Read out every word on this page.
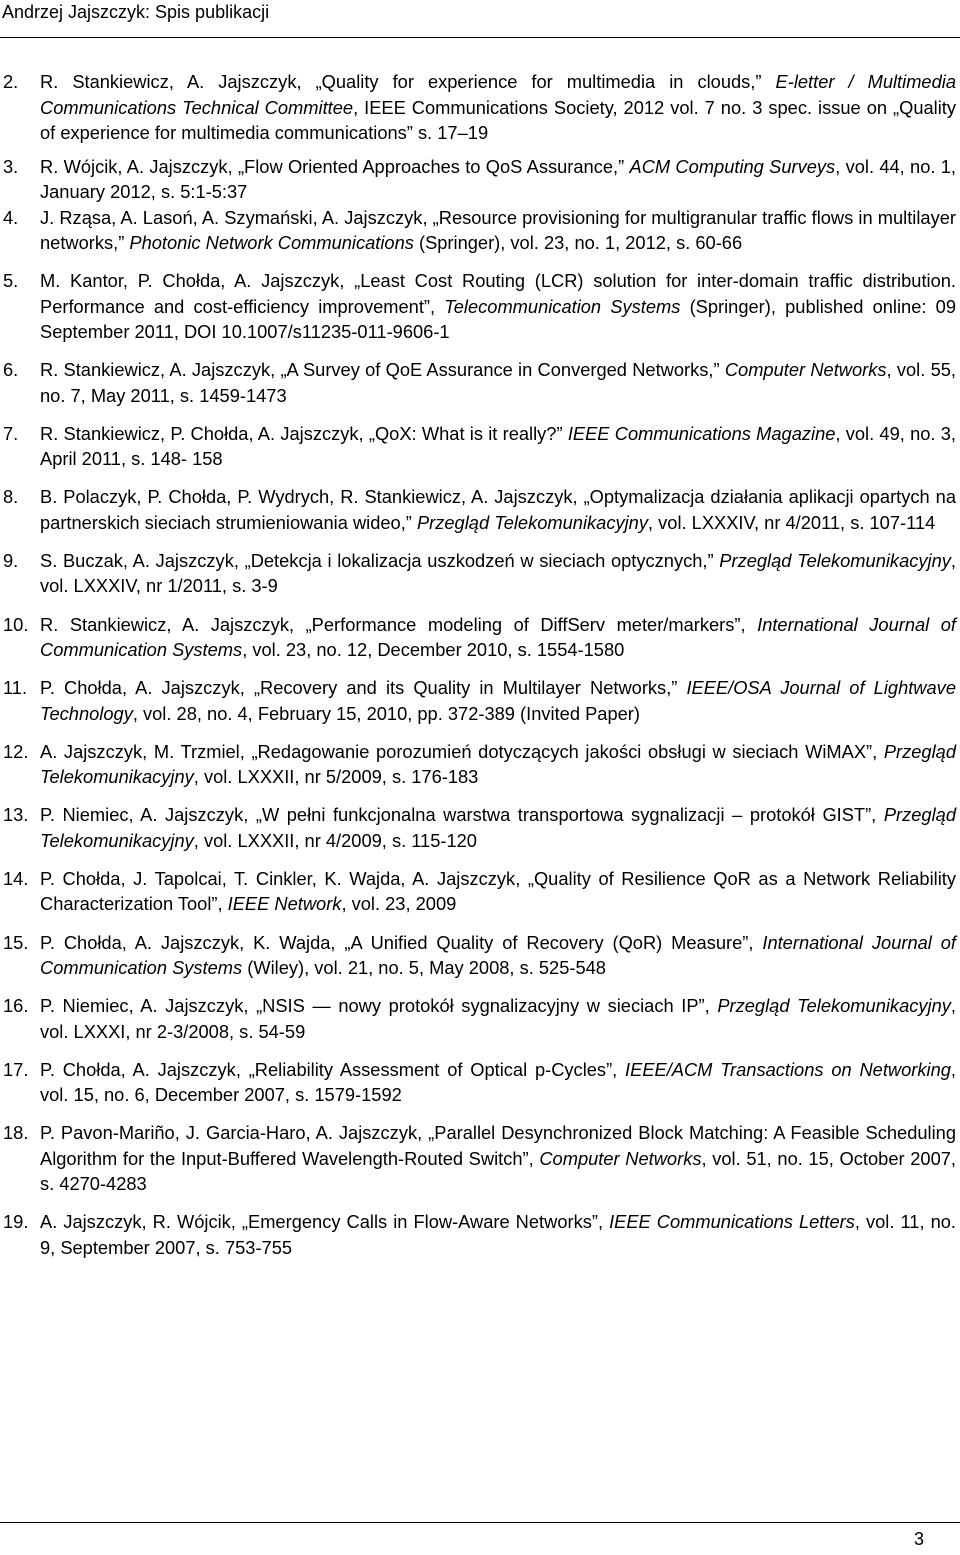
Andrzej Jajszczyk: Spis publikacji
2.	R. Stankiewicz, A. Jajszczyk, „Quality for experience for multimedia in clouds,” E-letter / Multimedia Communications Technical Committee, IEEE Communications Society, 2012 vol. 7 no. 3 spec. issue on „Quality of experience for multimedia communications” s. 17‒19
3.	R. Wójcik, A. Jajszczyk, „Flow Oriented Approaches to QoS Assurance,” ACM Computing Surveys, vol. 44, no. 1, January 2012, s. 5:1-5:37
4.	J. Rząsa, A. Lasoń, A. Szymański, A. Jajszczyk, „Resource provisioning for multigranular traffic flows in multilayer networks,” Photonic Network Communications (Springer), vol. 23, no. 1, 2012, s. 60-66
5.	M. Kantor, P. Chołda, A. Jajszczyk, „Least Cost Routing (LCR) solution for inter-domain traffic distribution. Performance and cost-efficiency improvement”, Telecommunication Systems (Springer), published online: 09 September 2011, DOI 10.1007/s11235-011-9606-1
6.	R. Stankiewicz, A. Jajszczyk, „A Survey of QoE Assurance in Converged Networks,” Computer Networks, vol. 55, no. 7, May 2011, s. 1459-1473
7.	R. Stankiewicz, P. Chołda, A. Jajszczyk, „QoX: What is it really?” IEEE Communications Magazine, vol. 49, no. 3, April 2011, s. 148- 158
8.	B. Polaczyk, P. Chołda, P. Wydrych, R. Stankiewicz, A. Jajszczyk, „Optymalizacja działania aplikacji opartych na partnerskich sieciach strumieniowania wideo,” Przegląd Telekomunikacyjny, vol. LXXXIV, nr 4/2011, s. 107-114
9.	S. Buczak, A. Jajszczyk, „Detekcja i lokalizacja uszkodzeń w sieciach optycznych,” Przegląd Telekomunikacyjny, vol. LXXXIV, nr 1/2011, s. 3-9
10. R. Stankiewicz, A. Jajszczyk, „Performance modeling of DiffServ meter/markers”, International Journal of Communication Systems, vol. 23, no. 12, December 2010, s. 1554-1580
11. P. Chołda, A. Jajszczyk, „Recovery and its Quality in Multilayer Networks,” IEEE/OSA Journal of Lightwave Technology, vol. 28, no. 4, February 15, 2010, pp. 372-389 (Invited Paper)
12. A. Jajszczyk, M. Trzmiel, „Redagowanie porozumień dotyczących jakości obsługi w sieciach WiMAX”, Przegląd Telekomunikacyjny, vol. LXXXII, nr 5/2009, s. 176-183
13. P. Niemiec, A. Jajszczyk, „W pełni funkcjonalna warstwa transportowa sygnalizacji – protokół GIST”, Przegląd Telekomunikacyjny, vol. LXXXII, nr 4/2009, s. 115-120
14. P. Chołda, J. Tapolcai, T. Cinkler, K. Wajda, A. Jajszczyk, „Quality of Resilience QoR as a Network Reliability Characterization Tool”, IEEE Network, vol. 23, 2009
15. P. Chołda, A. Jajszczyk, K. Wajda, „A Unified Quality of Recovery (QoR) Measure”, International Journal of Communication Systems (Wiley), vol. 21, no. 5, May 2008, s. 525-548
16. P. Niemiec, A. Jajszczyk, „NSIS — nowy protokół sygnalizacyjny w sieciach IP”, Przegląd Telekomunikacyjny, vol. LXXXI, nr 2-3/2008, s. 54-59
17. P. Chołda, A. Jajszczyk, „Reliability Assessment of Optical p-Cycles”, IEEE/ACM Transactions on Networking, vol. 15, no. 6, December 2007, s. 1579-1592
18. P. Pavon-Mariño, J. Garcia-Haro, A. Jajszczyk, „Parallel Desynchronized Block Matching: A Feasible Scheduling Algorithm for the Input-Buffered Wavelength-Routed Switch”, Computer Networks, vol. 51, no. 15, October 2007, s. 4270-4283
19. A. Jajszczyk, R. Wójcik, „Emergency Calls in Flow-Aware Networks”, IEEE Communications Letters, vol. 11, no. 9, September 2007, s. 753-755
3
